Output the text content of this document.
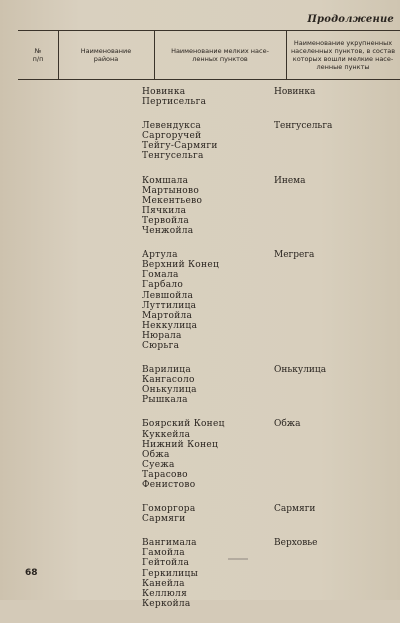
Продолжение
№
п/п
Наименование
района
Наименование мелких насе-
ленных пунктов
Наименование укрупненных
населенных пунктов, в состав
которых вошли мелкие насе-
ленные пункты
Новинка
Пертисельга
Новинка
Левендукса
Саргоручей
Тейгу-Сармяги
Тенгусельга
Тенгусельга
Комшала
Мартыново
Мекентьево
Пячкила
Тервойла
Ченжойла
Инема
Артула
Верхний Конец
Гомала
Гарбало
Левшойла
Луттилица
Мартойла
Неккулица
Нюрала
Сюрьга
Мегрега
Варилица
Кангасоло
Онькулица
Рышкала
Онькулица
Боярский Конец
Куккейла
Нижний Конец
Обжа
Суежа
Тарасово
Фенистово
Обжа
Гоморгора
Сармяги
Сармяги
Вангимала
Гамойла
Гейтойла
Геркилицы
Канейла
Келлюля
Керкойла
Верховье
68
